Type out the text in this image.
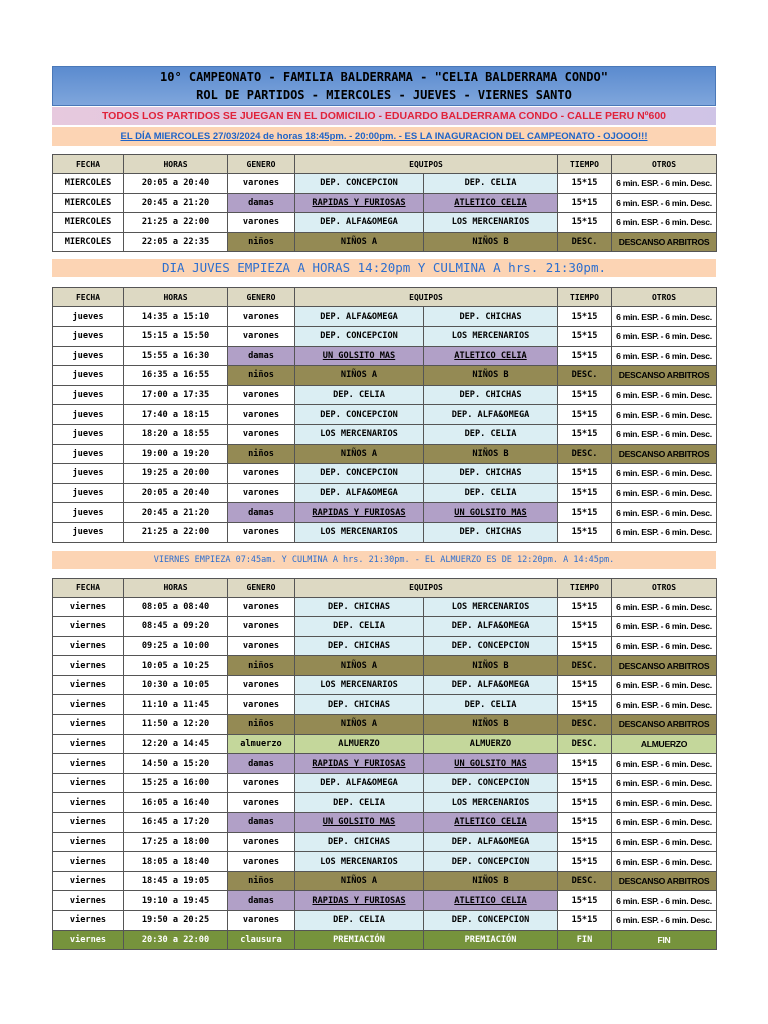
10° CAMPEONATO - FAMILIA BALDERRAMA - "CELIA BALDERRAMA CONDO"
ROL DE PARTIDOS - MIERCOLES - JUEVES - VIERNES SANTO
TODOS LOS PARTIDOS SE JUEGAN EN EL DOMICILIO - EDUARDO BALDERRAMA CONDO - CALLE PERU Nº600
EL DÍA MIERCOLES 27/03/2024 de horas 18:45pm. - 20:00pm. - ES LA INAGURACION DEL CAMPEONATO - OJOOO!!!
FECHA	HORAS	GENERO	EQUIPOS		TIEMPO	OTROS
MIERCOLES	20:05 a 20:40	varones	DEP. CONCEPCION	DEP. CELIA	15*15	6 min. ESP. - 6 min. Desc.
MIERCOLES	20:45 a 21:20	damas	RAPIDAS Y FURIOSAS	ATLETICO CELIA	15*15	6 min. ESP. - 6 min. Desc.
MIERCOLES	21:25 a 22:00	varones	DEP. ALFA&OMEGA	LOS MERCENARIOS	15*15	6 min. ESP. - 6 min. Desc.
MIERCOLES	22:05 a 22:35	niños	NIÑOS A	NIÑOS B	DESC.	DESCANSO ARBITROS
DIA JUVES EMPIEZA A HORAS 14:20pm Y CULMINA A hrs. 21:30pm.
FECHA	HORAS	GENERO	EQUIPOS		TIEMPO	OTROS
jueves	14:35 a 15:10	varones	DEP. ALFA&OMEGA	DEP. CHICHAS	15*15	6 min. ESP. - 6 min. Desc.
jueves	15:15 a 15:50	varones	DEP. CONCEPCION	LOS MERCENARIOS	15*15	6 min. ESP. - 6 min. Desc.
jueves	15:55 a 16:30	damas	UN GOLSITO MAS	ATLETICO CELIA	15*15	6 min. ESP. - 6 min. Desc.
jueves	16:35 a 16:55	niños	NIÑOS A	NIÑOS B	DESC.	DESCANSO ARBITROS
jueves	17:00 a 17:35	varones	DEP. CELIA	DEP. CHICHAS	15*15	6 min. ESP. - 6 min. Desc.
jueves	17:40 a 18:15	varones	DEP. CONCEPCION	DEP. ALFA&OMEGA	15*15	6 min. ESP. - 6 min. Desc.
jueves	18:20 a 18:55	varones	LOS MERCENARIOS	DEP. CELIA	15*15	6 min. ESP. - 6 min. Desc.
jueves	19:00 a 19:20	niños	NIÑOS A	NIÑOS B	DESC.	DESCANSO ARBITROS
jueves	19:25 a 20:00	varones	DEP. CONCEPCION	DEP. CHICHAS	15*15	6 min. ESP. - 6 min. Desc.
jueves	20:05 a 20:40	varones	DEP. ALFA&OMEGA	DEP. CELIA	15*15	6 min. ESP. - 6 min. Desc.
jueves	20:45 a 21:20	damas	RAPIDAS Y FURIOSAS	UN GOLSITO MAS	15*15	6 min. ESP. - 6 min. Desc.
jueves	21:25 a 22:00	varones	LOS MERCENARIOS	DEP. CHICHAS	15*15	6 min. ESP. - 6 min. Desc.
VIERNES EMPIEZA 07:45am. Y CULMINA A hrs. 21:30pm. - EL ALMUERZO ES DE 12:20pm. A 14:45pm.
FECHA	HORAS	GENERO	EQUIPOS		TIEMPO	OTROS
viernes	08:05 a 08:40	varones	DEP. CHICHAS	LOS MERCENARIOS	15*15	6 min. ESP. - 6 min. Desc.
viernes	08:45 a 09:20	varones	DEP. CELIA	DEP. ALFA&OMEGA	15*15	6 min. ESP. - 6 min. Desc.
viernes	09:25 a 10:00	varones	DEP. CHICHAS	DEP. CONCEPCION	15*15	6 min. ESP. - 6 min. Desc.
viernes	10:05 a 10:25	niños	NIÑOS A	NIÑOS B	DESC.	DESCANSO ARBITROS
viernes	10:30 a 10:05	varones	LOS MERCENARIOS	DEP. ALFA&OMEGA	15*15	6 min. ESP. - 6 min. Desc.
viernes	11:10 a 11:45	varones	DEP. CHICHAS	DEP. CELIA	15*15	6 min. ESP. - 6 min. Desc.
viernes	11:50 a 12:20	niños	NIÑOS A	NIÑOS B	DESC.	DESCANSO ARBITROS
viernes	12:20 a 14:45	almuerzo	ALMUERZO	ALMUERZO	DESC.	ALMUERZO
viernes	14:50 a 15:20	damas	RAPIDAS Y FURIOSAS	UN GOLSITO MAS	15*15	6 min. ESP. - 6 min. Desc.
viernes	15:25 a 16:00	varones	DEP. ALFA&OMEGA	DEP. CONCEPCION	15*15	6 min. ESP. - 6 min. Desc.
viernes	16:05 a 16:40	varones	DEP. CELIA	LOS MERCENARIOS	15*15	6 min. ESP. - 6 min. Desc.
viernes	16:45 a 17:20	damas	UN GOLSITO MAS	ATLETICO CELIA	15*15	6 min. ESP. - 6 min. Desc.
viernes	17:25 a 18:00	varones	DEP. CHICHAS	DEP. ALFA&OMEGA	15*15	6 min. ESP. - 6 min. Desc.
viernes	18:05 a 18:40	varones	LOS MERCENARIOS	DEP. CONCEPCION	15*15	6 min. ESP. - 6 min. Desc.
viernes	18:45 a 19:05	niños	NIÑOS A	NIÑOS B	DESC.	DESCANSO ARBITROS
viernes	19:10 a 19:45	damas	RAPIDAS Y FURIOSAS	ATLETICO CELIA	15*15	6 min. ESP. - 6 min. Desc.
viernes	19:50 a 20:25	varones	DEP. CELIA	DEP. CONCEPCION	15*15	6 min. ESP. - 6 min. Desc.
viernes	20:30 a 22:00	clausura	PREMIACIÓN	PREMIACIÓN	FIN	FIN
